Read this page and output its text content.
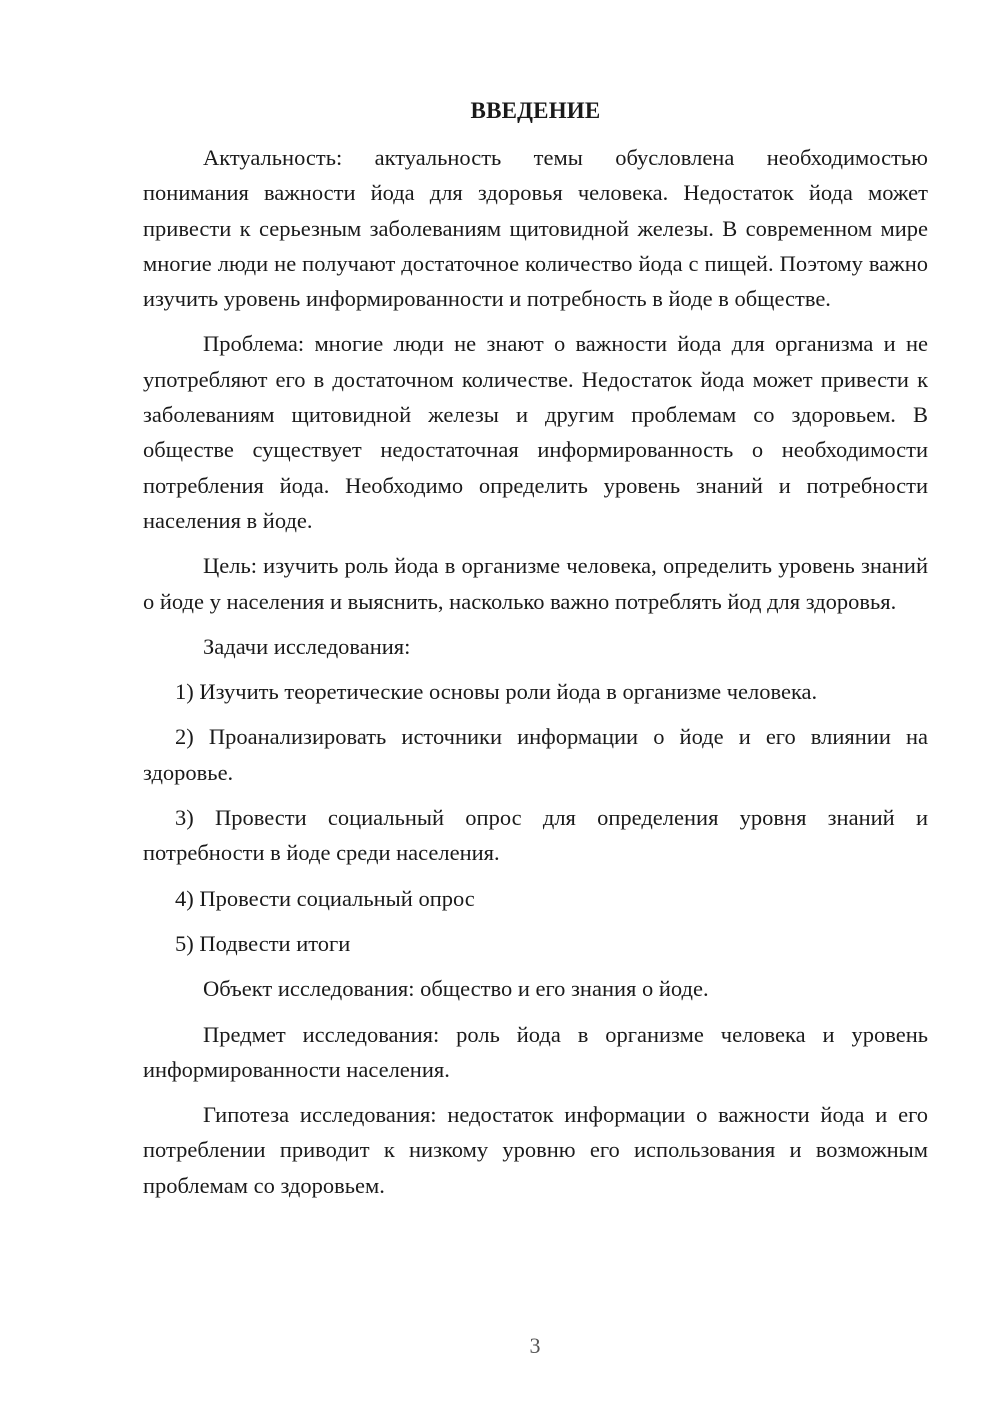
ВВЕДЕНИЕ

Актуальность: актуальность темы обусловлена необходимостью понимания важности йода для здоровья человека. Недостаток йода может привести к серьезным заболеваниям щитовидной железы. В современном мире многие люди не получают достаточное количество йода с пищей. Поэтому важно изучить уровень информированности и потребность в йоде в обществе.

Проблема: многие люди не знают о важности йода для организма и не употребляют его в достаточном количестве. Недостаток йода может привести к заболеваниям щитовидной железы и другим проблемам со здоровьем. В обществе существует недостаточная информированность о необходимости потребления йода. Необходимо определить уровень знаний и потребности населения в йоде.

Цель: изучить роль йода в организме человека, определить уровень знаний о йоде у населения и выяснить, насколько важно потреблять йод для здоровья.

Задачи исследования:

1) Изучить теоретические основы роли йода в организме человека.

2) Проанализировать источники информации о йоде и его влиянии на здоровье.

3) Провести социальный опрос для определения уровня знаний и потребности в йоде среди населения.

4) Провести социальный опрос

5) Подвести итоги

Объект исследования: общество и его знания о йоде.

Предмет исследования: роль йода в организме человека и уровень информированности населения.

Гипотеза исследования: недостаток информации о важности йода и его потреблении приводит к низкому уровню его использования и возможным проблемам со здоровьем.

3
